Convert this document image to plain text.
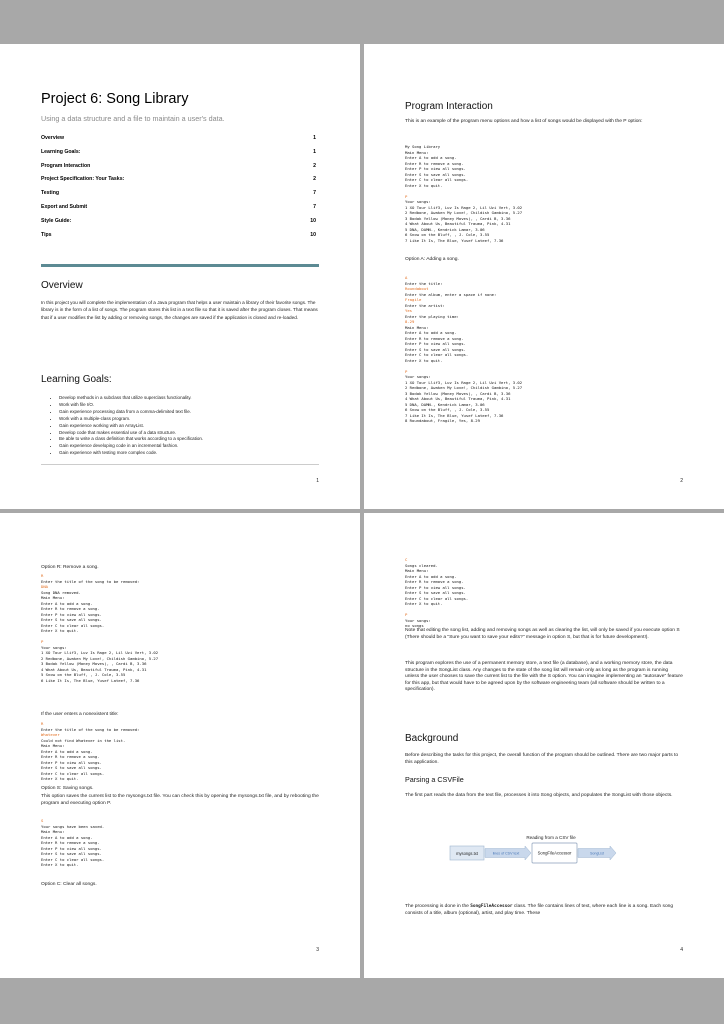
Project 6: Song Library
Using a data structure and a file to maintain a user's data.
Overview	1
Learning Goals:	1
Program Interaction	2
Project Specification: Your Tasks:	2
Testing	7
Export and Submit	7
Style Guide:	10
Tips	10
Overview
In this project you will complete the implementation of a Java program that helps a user maintain a library of their favorite songs. The library is in the form of a list of songs. The program stores this list in a text file so that it is saved after the program closes. That means that if a user modifies the list by adding or removing songs, the changes are saved if the application is closed and re-loaded.
Learning Goals:
• Develop methods in a subclass that utilize superclass functionality.
• Work with file I/O.
• Gain experience processing data from a comma-delimited text file.
• Work with a multiple-class program.
• Gain experience working with an ArrayList.
• Develop code that makes essential use of a data structure.
• Be able to write a class definition that works according to a specification.
• Gain experience developing code in an incremental fashion.
• Gain experience with testing more complex code.
1
Program Interaction
This is an example of the program menu options and how a list of songs would be displayed with the P option:
My Song Library
Main Menu:
Enter A to add a song.
Enter R to remove a song.
Enter P to view all songs.
Enter S to save all songs.
Enter C to clear all songs.
Enter X to quit.

P
Your songs:
1 XO Tour Llif3, Luv Is Rage 2, Lil Uzi Vert, 3.02
2 Redbone, Awaken My Love!, Childish Gambino, 5.27
3 Bodak Yellow (Money Moves), , Cardi B, 3.36
4 What About Us, Beautiful Trauma, Pink, 4.31
5 DNA, DAMN., Kendrick Lamar, 3.06
6 Snow on the Bluff, , J. Cole, 3.55
7 Like It Is, The Blue, Yusef Lateef, 7.36

Option A: Adding a song.
A
Enter the title:
Roundabout
Enter the album, enter a space if none:
Fragile
Enter the artist:
Yes
Enter the playing time:
8.29
Main Menu:
Enter A to add a song.
Enter R to remove a song.
Enter P to view all songs.
Enter S to save all songs.
Enter C to clear all songs.
Enter X to quit.

P
Your songs:
1 XO Tour Llif3, Luv Is Rage 2, Lil Uzi Vert, 3.02
2 Redbone, Awaken My Love!, Childish Gambino, 5.27
3 Bodak Yellow (Money Moves), , Cardi B, 3.36
4 What About Us, Beautiful Trauma, Pink, 4.31
5 DNA, DAMN., Kendrick Lamar, 3.06
6 Snow on the Bluff, , J. Cole, 3.55
7 Like It Is, The Blue, Yusef Lateef, 7.36
8 Roundabout, Fragile, Yes, 8.29

2
Option R: Remove a song.
R
Enter the title of the song to be removed:
DNA
Song DNA removed.
Main Menu:
Enter A to add a song.
Enter R to remove a song.
Enter P to view all songs.
Enter S to save all songs.
Enter C to clear all songs.
Enter X to quit.

P
Your songs:
1 XO Tour Llif3, Luv Is Rage 2, Lil Uzi Vert, 3.02
2 Redbone, Awaken My Love!, Childish Gambino, 5.27
3 Bodak Yellow (Money Moves), , Cardi B, 3.36
4 What About Us, Beautiful Trauma, Pink, 4.31
5 Snow on the Bluff, , J. Cole, 3.55
6 Like It Is, The Blue, Yusef Lateef, 7.36

If the user enters a nonexistent title:
R
Enter the title of the song to be removed:
Whatever
Could not find Whatever in the list.
Main Menu:
Enter A to add a song.
Enter R to remove a song.
Enter P to view all songs.
Enter S to save all songs.
Enter C to clear all songs.
Enter X to quit.

Option S: Saving songs.
This option saves the current list to the mysongs.txt file. You can check this by opening the mysongs.txt file, and by rebooting the program and executing option P.
S
Your songs have been saved.
Main Menu:
Enter A to add a song.
Enter R to remove a song.
Enter P to view all songs.
Enter S to save all songs.
Enter C to clear all songs.
Enter X to quit.

Option C: Clear all songs.
3
C
Songs cleared.
Main Menu:
Enter A to add a song.
Enter R to remove a song.
Enter P to view all songs.
Enter S to save all songs.
Enter C to clear all songs.
Enter X to quit.

P
Your songs:
no songs

Note that editing the song list, adding and removing songs as well as clearing the list, will only be saved if you execute option S (There should be a "Sure you want to save your edits?" message in option S, but that is for future development!).
This program explores the use of a permanent memory store, a text file (a database), and a working memory store, the data structure in the SongList class. Any changes to the state of the song list will remain only as long as the program is running unless the user chooses to save the current list to the file with the S option. You can imagine implementing an "autosave" feature for this app, but that would have to be agreed upon by the software engineering team (all software should be written to a specification).
Background
Before describing the tasks for this project, the overall function of the program should be outlined. There are two major parts to this application.
Parsing a CSVFile
The first part reads the data from the text file, processes it into Song objects, and populates the SongList with those objects.
Reading from a CSV file
mysongs.txt	lines of CSV text	SongFileAccessor	SongList
The processing is done in the SongFileAccessor class. The file contains lines of text, where each line is a song. Each song consists of a title, album (optional), artist, and play time. These
4
